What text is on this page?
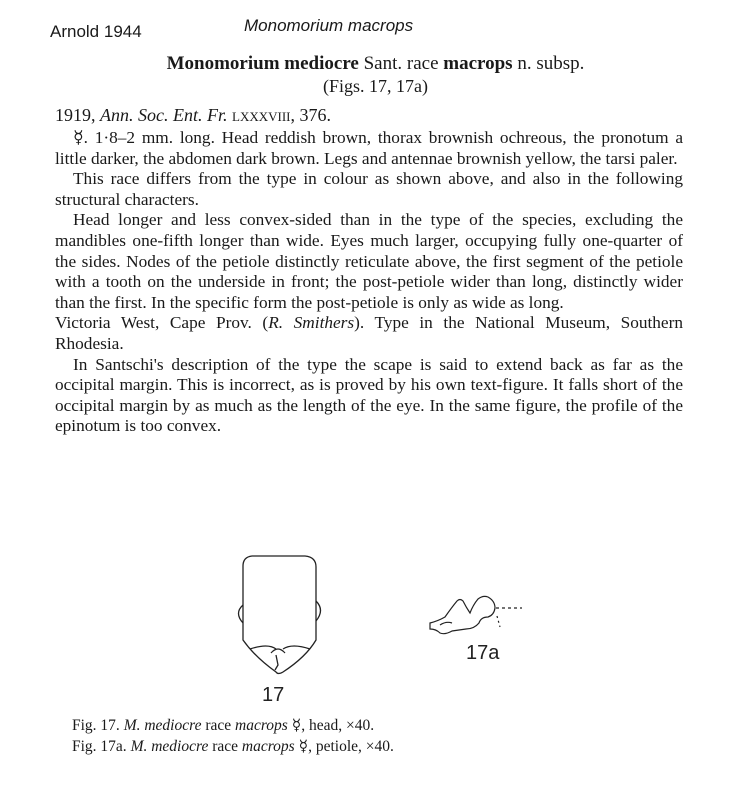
Arnold 1944	Monomorium macrops
Monomorium mediocre Sant. race macrops n. subsp.
(Figs. 17, 17a)
1919, Ann. Soc. Ent. Fr. lxxxviii, 376.

☿. 1·8–2 mm. long. Head reddish brown, thorax brownish ochreous, the pronotum a little darker, the abdomen dark brown. Legs and antennae brownish yellow, the tarsi paler.

This race differs from the type in colour as shown above, and also in the following structural characters.

Head longer and less convex-sided than in the type of the species, excluding the mandibles one-fifth longer than wide. Eyes much larger, occupying fully one-quarter of the sides. Nodes of the petiole distinctly reticulate above, the first segment of the petiole with a tooth on the underside in front; the post-petiole wider than long, distinctly wider than the first. In the specific form the post-petiole is only as wide as long.

Victoria West, Cape Prov. (R. Smithers). Type in the National Museum, Southern Rhodesia.

In Santschi's description of the type the scape is said to extend back as far as the occipital margin. This is incorrect, as is proved by his own text-figure. It falls short of the occipital margin by as much as the length of the eye. In the same figure, the profile of the epinotum is too convex.

17
17a
Fig. 17. M. mediocre race macrops ☿, head, ×40.
Fig. 17a. M. mediocre race macrops ☿, petiole, ×40.
